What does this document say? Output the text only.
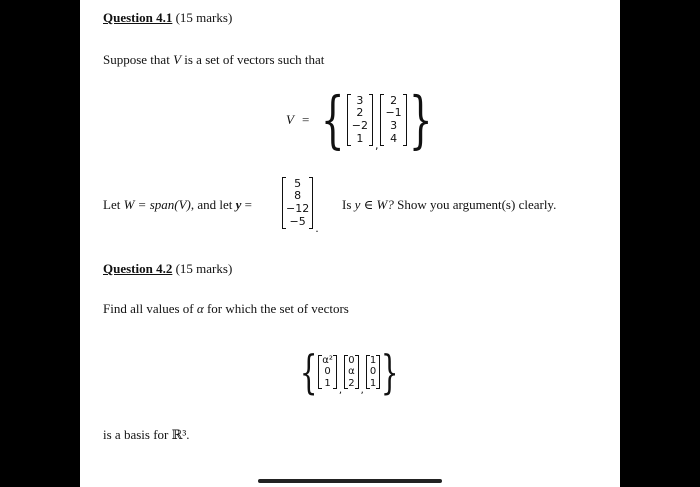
Question 4.1 (15 marks)
Suppose that V is a set of vectors such that
V = { 3
2
−2
1
,
2
−1
3
4 }
Let W = span(V), and let y =
5
8
−12
−5
.
Is y ∈ W? Show you argument(s) clearly.
Question 4.2 (15 marks)
Find all values of α for which the set of vectors
{ α²
0
1
,
0
α
2
,
1
0
1 }
is a basis for ℝ³.
